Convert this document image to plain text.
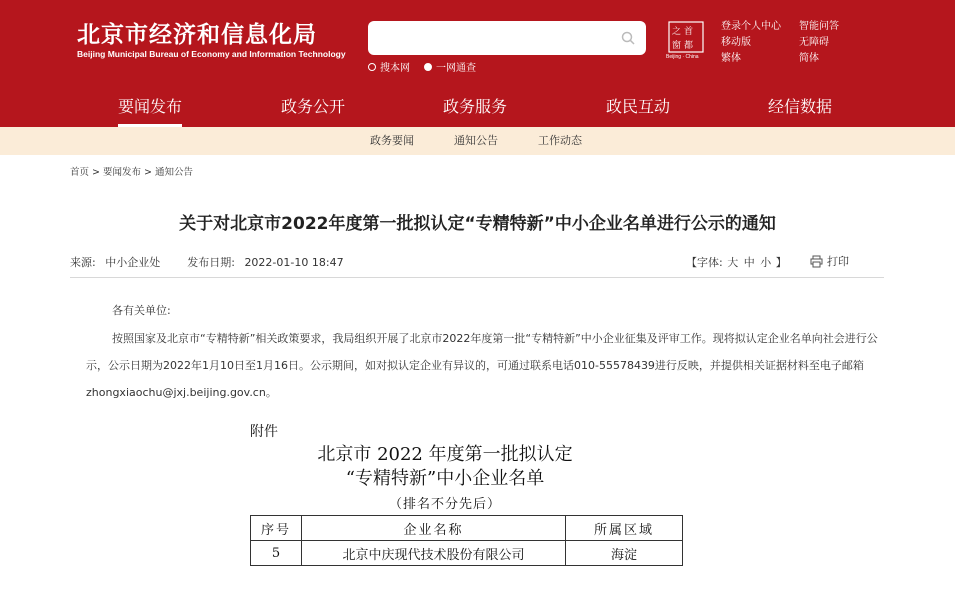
北京市经济和信息化局
Beijing Municipal Bureau of Economy and Information Technology
搜本网	一网通查
之 首
窗 都
Beijing · China
登录个人中心	智能问答
移动版	无障碍
繁体	简体
要闻发布	政务公开	政务服务	政民互动	经信数据
政务要闻	通知公告	工作动态
首页 > 要闻发布 > 通知公告
关于对北京市2022年度第一批拟认定“专精特新”中小企业名单进行公示的通知
来源: 中小企业处 发布日期: 2022-01-10 18:47	【字体: 大 中 小 】	打印
各有关单位:
按照国家及北京市“专精特新”相关政策要求，我局组织开展了北京市2022年度第一批“专精特新”中小企业征集及评审工作。现将拟认定企业名单向社会进行公示，公示日期为2022年1月10日至1月16日。公示期间，如对拟认定企业有异议的，可通过联系电话010-55578439进行反映，并提供相关证据材料至电子邮箱zhongxiaochu@jxj.beijing.gov.cn。
附件
北京市 2022 年度第一批拟认定
“专精特新”中小企业名单
（排名不分先后）
序号	企业名称	所属区域
5	北京中庆现代技术股份有限公司	海淀
